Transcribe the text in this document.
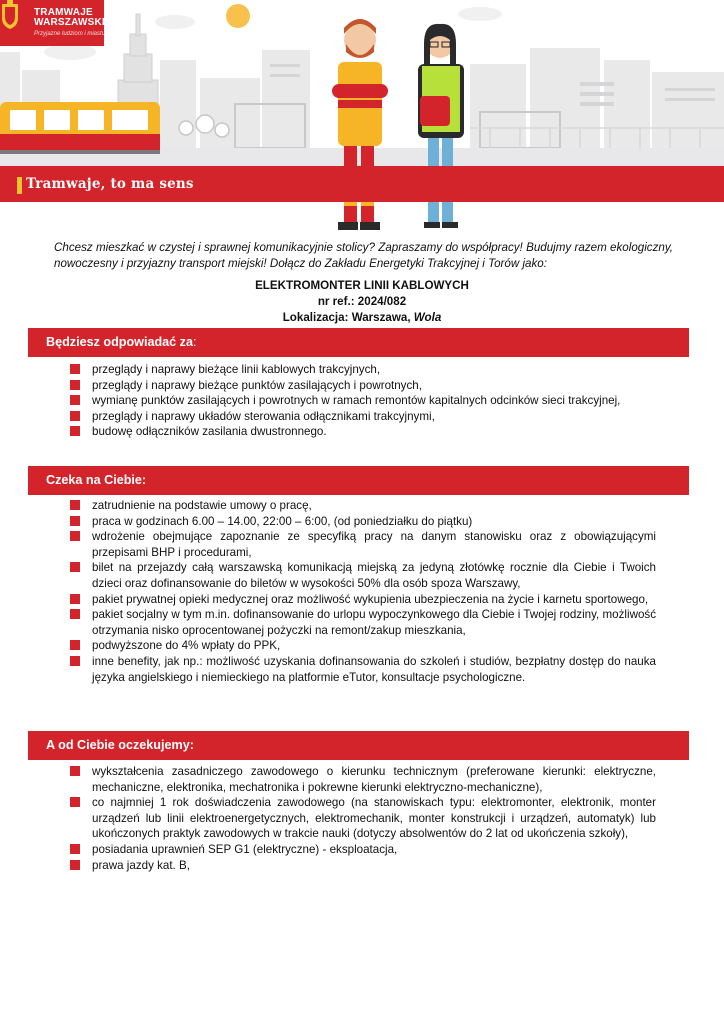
TRAMWAJE WARSZAWSKIE
Przyjazne ludziom i miastu
Tramwaje, to ma sens

Chcesz mieszkać w czystej i sprawnej komunikacyjnie stolicy? Zapraszamy do współpracy! Budujmy razem ekologiczny, nowoczesny i przyjazny transport miejski! Dołącz do Zakładu Energetyki Trakcyjnej i Torów jako:

ELEKTROMONTER LINII KABLOWYCH
nr ref.: 2024/082
Lokalizacja: Warszawa, Wola
Będziesz odpowiadać za:
przeglądy i naprawy bieżące linii kablowych trakcyjnych,
przeglądy i naprawy bieżące punktów zasilających i powrotnych,
wymianę punktów zasilających i powrotnych w ramach remontów kapitalnych odcinków sieci trakcyjnej,
przeglądy i naprawy układów sterowania odłącznikami trakcyjnymi,
budowę odłączników zasilania dwustronnego.
Czeka na Ciebie:
zatrudnienie na podstawie umowy o pracę,
praca w godzinach 6.00 – 14.00, 22:00 – 6:00, (od poniedziałku do piątku)
wdrożenie obejmujące zapoznanie ze specyfiką pracy na danym stanowisku oraz z obowiązującymi przepisami BHP i procedurami,
bilet na przejazdy całą warszawską komunikacją miejską za jedyną złotówkę rocznie dla Ciebie i Twoich dzieci oraz dofinansowanie do biletów w wysokości 50% dla osób spoza Warszawy,
pakiet prywatnej opieki medycznej oraz możliwość wykupienia ubezpieczenia na życie i karnetu sportowego,
pakiet socjalny w tym m.in. dofinansowanie do urlopu wypoczynkowego dla Ciebie i Twojej rodziny, możliwość otrzymania nisko oprocentowanej pożyczki na remont/zakup mieszkania,
podwyższone do 4% wpłaty do PPK,
inne benefity, jak np.: możliwość uzyskania dofinansowania do szkoleń i studiów, bezpłatny dostęp do nauka języka angielskiego i niemieckiego na platformie eTutor, konsultacje psychologiczne.
A od Ciebie oczekujemy:
wykształcenia zasadniczego zawodowego o kierunku technicznym (preferowane kierunki: elektryczne, mechaniczne, elektronika, mechatronika i pokrewne kierunki elektryczno-mechaniczne),
co najmniej 1 rok doświadczenia zawodowego (na stanowiskach typu: elektromonter, elektronik, monter urządzeń lub linii elektroenergetycznych, elektromechanik, monter konstrukcji i urządzeń, automatyk) lub ukończonych praktyk zawodowych w trakcie nauki (dotyczy absolwentów do 2 lat od ukończenia szkoły),
posiadania uprawnień SEP G1 (elektryczne) - eksploatacja,
prawa jazdy kat. B,
